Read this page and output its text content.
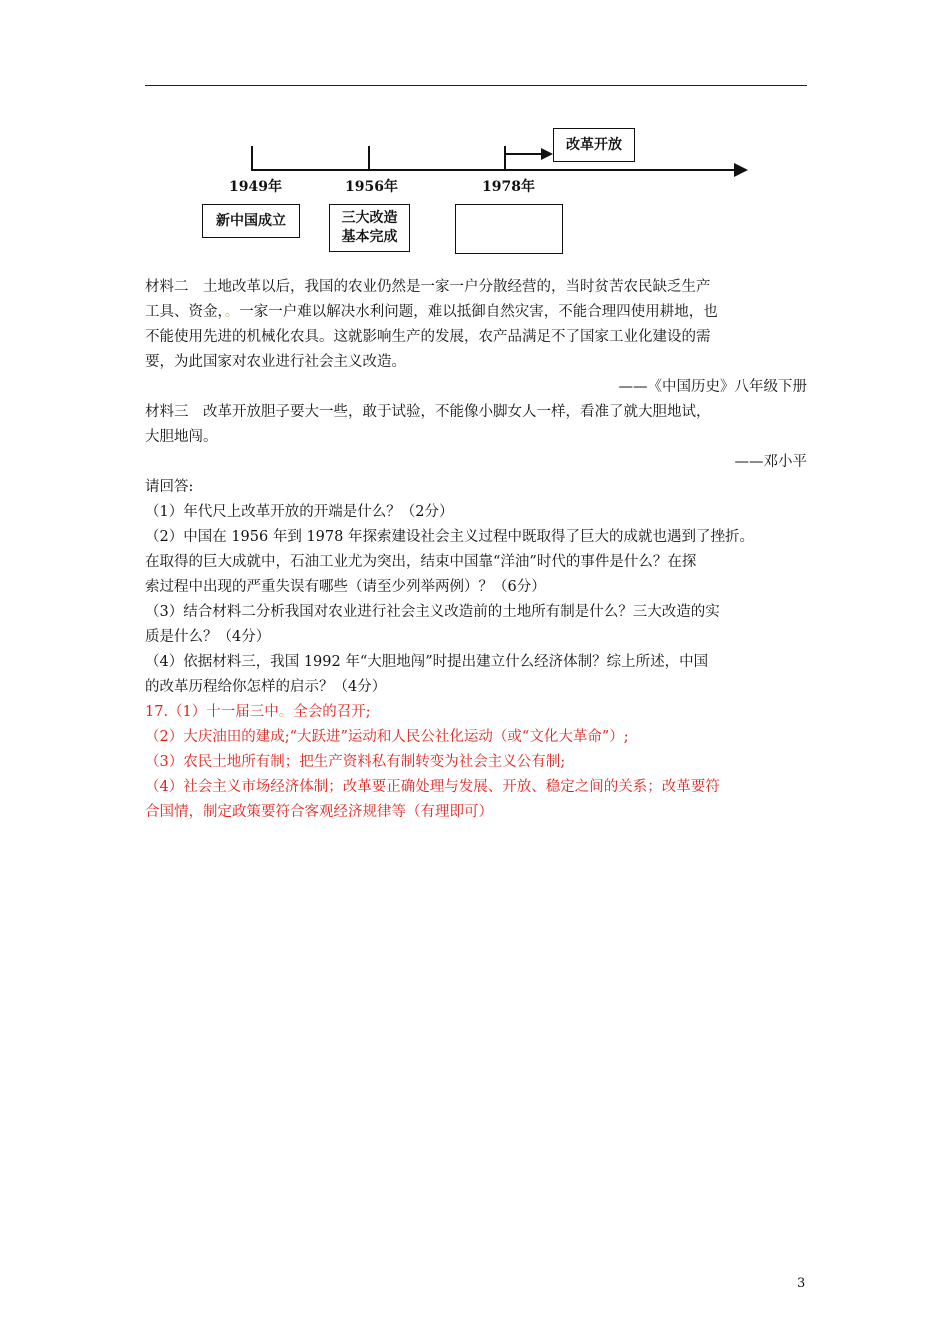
1949年	1956年	1978年
新中国成立	三大改造
基本完成
改革开放

材料二　土地改革以后，我国的农业仍然是一家一户分散经营的，当时贫苦农民缺乏生产

工具、资金，。一家一户难以解决水利问题，难以抵御自然灾害，不能合理四使用耕地，也

不能使用先进的机械化农具。这就影响生产的发展，农产品满足不了国家工业化建设的需

要，为此国家对农业进行社会主义改造。

——《中国历史》八年级下册

材料三　改革开放胆子要大一些，敢于试验，不能像小脚女人一样，看准了就大胆地试，

大胆地闯。

——邓小平

请回答:

（1）年代尺上改革开放的开端是什么？（2分）

（2）中国在 1956 年到 1978 年探索建设社会主义过程中既取得了巨大的成就也遇到了挫折。

在取得的巨大成就中，石油工业尤为突出，结束中国靠“洋油”时代的事件是什么？在探

索过程中出现的严重失误有哪些（请至少列举两例）？（6分）

（3）结合材料二分析我国对农业进行社会主义改造前的土地所有制是什么？三大改造的实

质是什么？（4分）

（4）依据材料三，我国 1992 年“大胆地闯”时提出建立什么经济体制？综上所述，中国

的改革历程给你怎样的启示？（4分）

17.（1）十一届三中。全会的召开;

（2）大庆油田的建成;“大跃进”运动和人民公社化运动（或“文化大革命”）;

（3）农民土地所有制；把生产资料私有制转变为社会主义公有制;

（4）社会主义市场经济体制；改革要正确处理与发展、开放、稳定之间的关系；改革要符

合国情，制定政策要符合客观经济规律等（有理即可）

3
